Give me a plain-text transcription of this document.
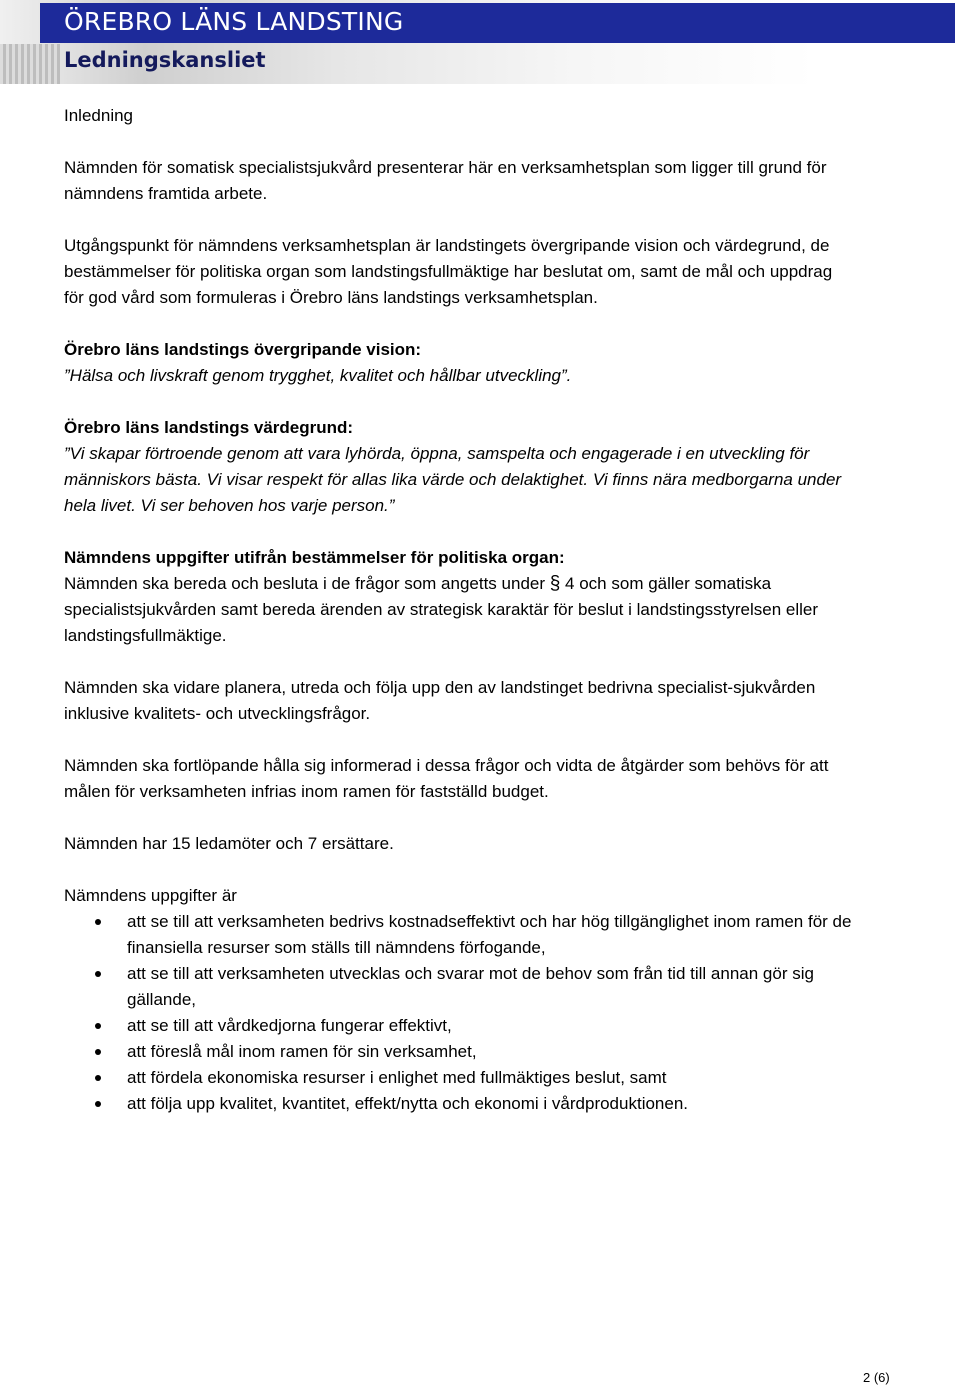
ÖREBRO LÄNS LANDSTING
Ledningskansliet

Inledning

Nämnden för somatisk specialistsjukvård presenterar här en verksamhetsplan som ligger till grund för nämndens framtida arbete.

Utgångspunkt för nämndens verksamhetsplan är landstingets övergripande vision och värdegrund, de bestämmelser för politiska organ som landstingsfullmäktige har beslutat om, samt de mål och uppdrag för god vård som formuleras i Örebro läns landstings verksamhetsplan.

Örebro läns landstings övergripande vision:

”Hälsa och livskraft genom trygghet, kvalitet och hållbar utveckling”.

Örebro läns landstings värdegrund:

”Vi skapar förtroende genom att vara lyhörda, öppna, samspelta och engagerade i en utveckling för människors bästa. Vi visar respekt för allas lika värde och delaktighet. Vi finns nära medborgarna under hela livet. Vi ser behoven hos varje person.”

Nämndens uppgifter utifrån bestämmelser för politiska organ:

Nämnden ska bereda och besluta i de frågor som angetts under § 4 och som gäller somatiska specialistsjukvården samt bereda ärenden av strategisk karaktär för beslut i landstingsstyrelsen eller landstingsfullmäktige.

Nämnden ska vidare planera, utreda och följa upp den av landstinget bedrivna specialist-sjukvården inklusive kvalitets- och utvecklingsfrågor.

Nämnden ska fortlöpande hålla sig informerad i dessa frågor och vidta de åtgärder som behövs för att målen för verksamheten infrias inom ramen för fastställd budget.

Nämnden har 15 ledamöter och 7 ersättare.

Nämndens uppgifter är

att se till att verksamheten bedrivs kostnadseffektivt och har hög tillgänglighet inom ramen för de finansiella resurser som ställs till nämndens förfogande,
att se till att verksamheten utvecklas och svarar mot de behov som från tid till annan gör sig gällande,
att se till att vårdkedjorna fungerar effektivt,
att föreslå mål inom ramen för sin verksamhet,
att fördela ekonomiska resurser i enlighet med fullmäktiges beslut, samt
att följa upp kvalitet, kvantitet, effekt/nytta och ekonomi i vårdproduktionen.
2 (6)
